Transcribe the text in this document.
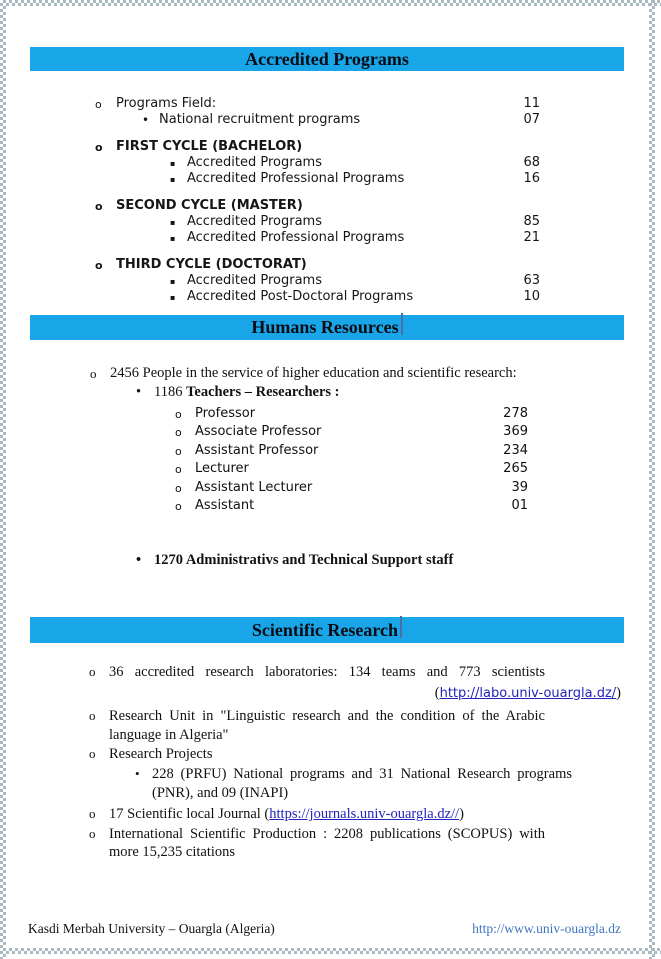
Accredited Programs
o Programs Field:	11
• National recruitment programs	07
o FIRST CYCLE (BACHELOR)
▪ Accredited Programs	68
▪ Accredited Professional Programs	16
o SECOND CYCLE (MASTER)
▪ Accredited Programs	85
▪ Accredited Professional Programs	21
o THIRD CYCLE (DOCTORAT)
▪ Accredited Programs	63
▪ Accredited Post-Doctoral Programs	10
Humans Resources
o 2456 People in the service of higher education and scientific research:
• 1186 Teachers – Researchers :
o Professor	278
o Associate Professor	369
o Assistant Professor	234
o Lecturer	265
o Assistant Lecturer	39
o Assistant	01
• 1270 Administrativs and Technical Support staff
Scientific Research
o 36 accredited research laboratories: 134 teams and 773 scientists
(http://labo.univ-ouargla.dz/)
o Research Unit in "Linguistic research and the condition of the Arabic
language in Algeria"
o Research Projects
• 228 (PRFU) National programs and 31 National Research programs
(PNR), and 09 (INAPI)
o 17 Scientific local Journal (https://journals.univ-ouargla.dz//)
o International Scientific Production : 2208 publications (SCOPUS) with
more 15,235 citations
Kasdi Merbah University – Ouargla (Algeria)	http://www.univ-ouargla.dz
